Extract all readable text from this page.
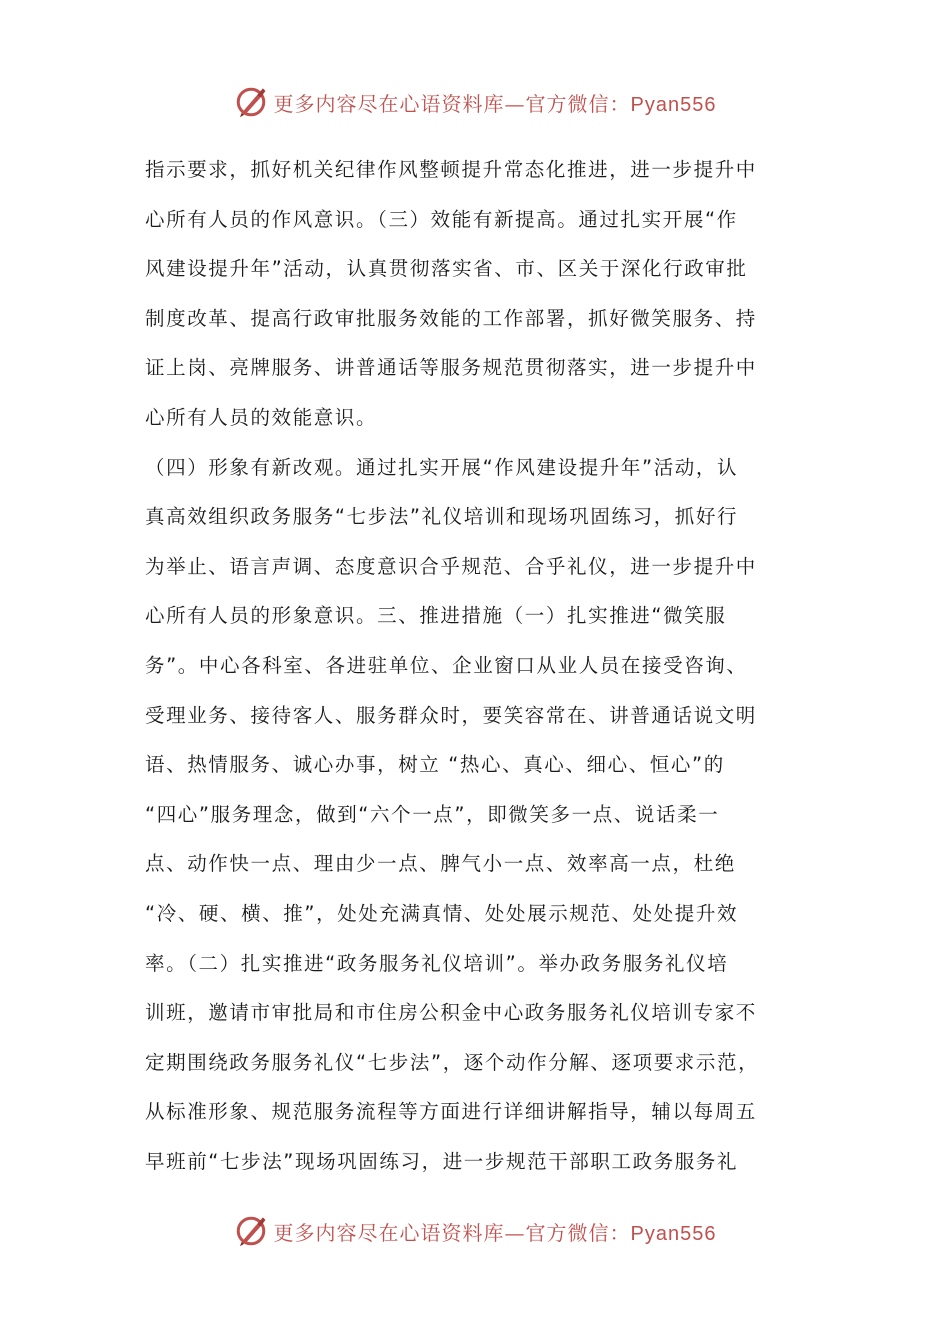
更多内容尽在心语资料库—官方微信：Pyan556
指示要求，抓好机关纪律作风整顿提升常态化推进，进一步提升中
心所有人员的作风意识。（三）效能有新提高。通过扎实开展“作
风建设提升年”活动，认真贯彻落实省、市、区关于深化行政审批
制度改革、提高行政审批服务效能的工作部署，抓好微笑服务、持
证上岗、亮牌服务、讲普通话等服务规范贯彻落实，进一步提升中
心所有人员的效能意识。
（四）形象有新改观。通过扎实开展“作风建设提升年”活动，认
真高效组织政务服务“七步法”礼仪培训和现场巩固练习，抓好行
为举止、语言声调、态度意识合乎规范、合乎礼仪，进一步提升中
心所有人员的形象意识。三、推进措施（一）扎实推进“微笑服
务”。中心各科室、各进驻单位、企业窗口从业人员在接受咨询、
受理业务、接待客人、服务群众时，要笑容常在、讲普通话说文明
语、热情服务、诚心办事，树立 “热心、真心、细心、恒心”的
“四心”服务理念，做到“六个一点”，即微笑多一点、说话柔一
点、动作快一点、理由少一点、脾气小一点、效率高一点，杜绝
“冷、硬、横、推”，处处充满真情、处处展示规范、处处提升效
率。（二）扎实推进“政务服务礼仪培训”。举办政务服务礼仪培
训班，邀请市审批局和市住房公积金中心政务服务礼仪培训专家不
定期围绕政务服务礼仪“七步法”，逐个动作分解、逐项要求示范，
从标准形象、规范服务流程等方面进行详细讲解指导，辅以每周五
早班前“七步法”现场巩固练习，进一步规范干部职工政务服务礼
更多内容尽在心语资料库—官方微信：Pyan556
